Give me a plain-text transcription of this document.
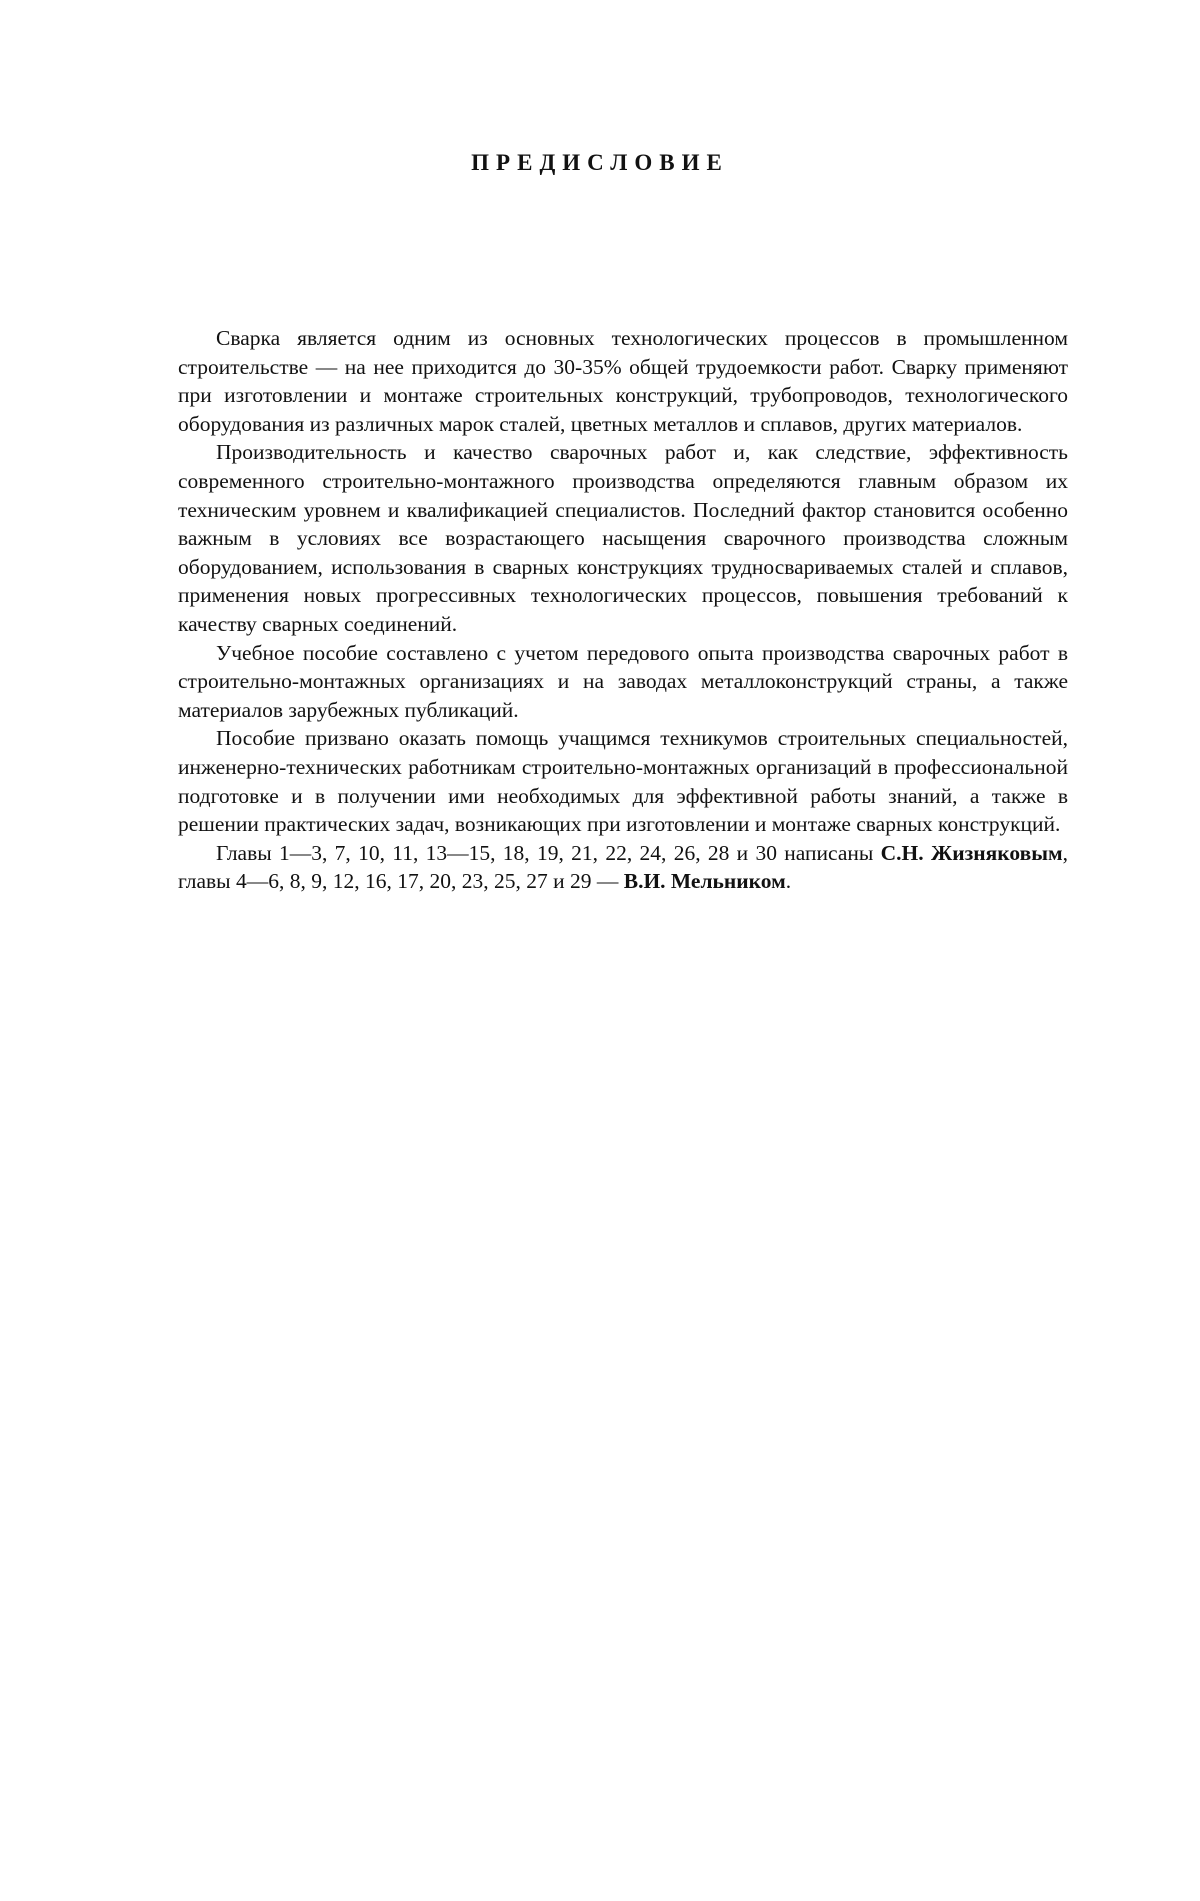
ПРЕДИСЛОВИЕ

Сварка является одним из основных технологических процессов в промышленном строительстве — на нее приходится до 30-35% общей трудоемкости работ. Сварку применяют при изготовлении и монтаже строительных конструкций, трубопроводов, технологического оборудования из различных марок сталей, цветных металлов и сплавов, других материалов.

Производительность и качество сварочных работ и, как следствие, эффективность современного строительно-монтажного производства определяются главным образом их техническим уровнем и квалификацией специалистов. Последний фактор становится особенно важным в условиях все возрастающего насыщения сварочного производства сложным оборудованием, использования в сварных конструкциях трудносвариваемых сталей и сплавов, применения новых прогрессивных технологических процессов, повышения требований к качеству сварных соединений.

Учебное пособие составлено с учетом передового опыта производства сварочных работ в строительно-монтажных организациях и на заводах металлоконструкций страны, а также материалов зарубежных публикаций.

Пособие призвано оказать помощь учащимся техникумов строительных специальностей, инженерно-технических работникам строительно-монтажных организаций в профессиональной подготовке и в получении ими необходимых для эффективной работы знаний, а также в решении практических задач, возникающих при изготовлении и монтаже сварных конструкций.

Главы 1—3, 7, 10, 11, 13—15, 18, 19, 21, 22, 24, 26, 28 и 30 написаны С.Н. Жизняковым, главы 4—6, 8, 9, 12, 16, 17, 20, 23, 25, 27 и 29 — В.И. Мельником.
